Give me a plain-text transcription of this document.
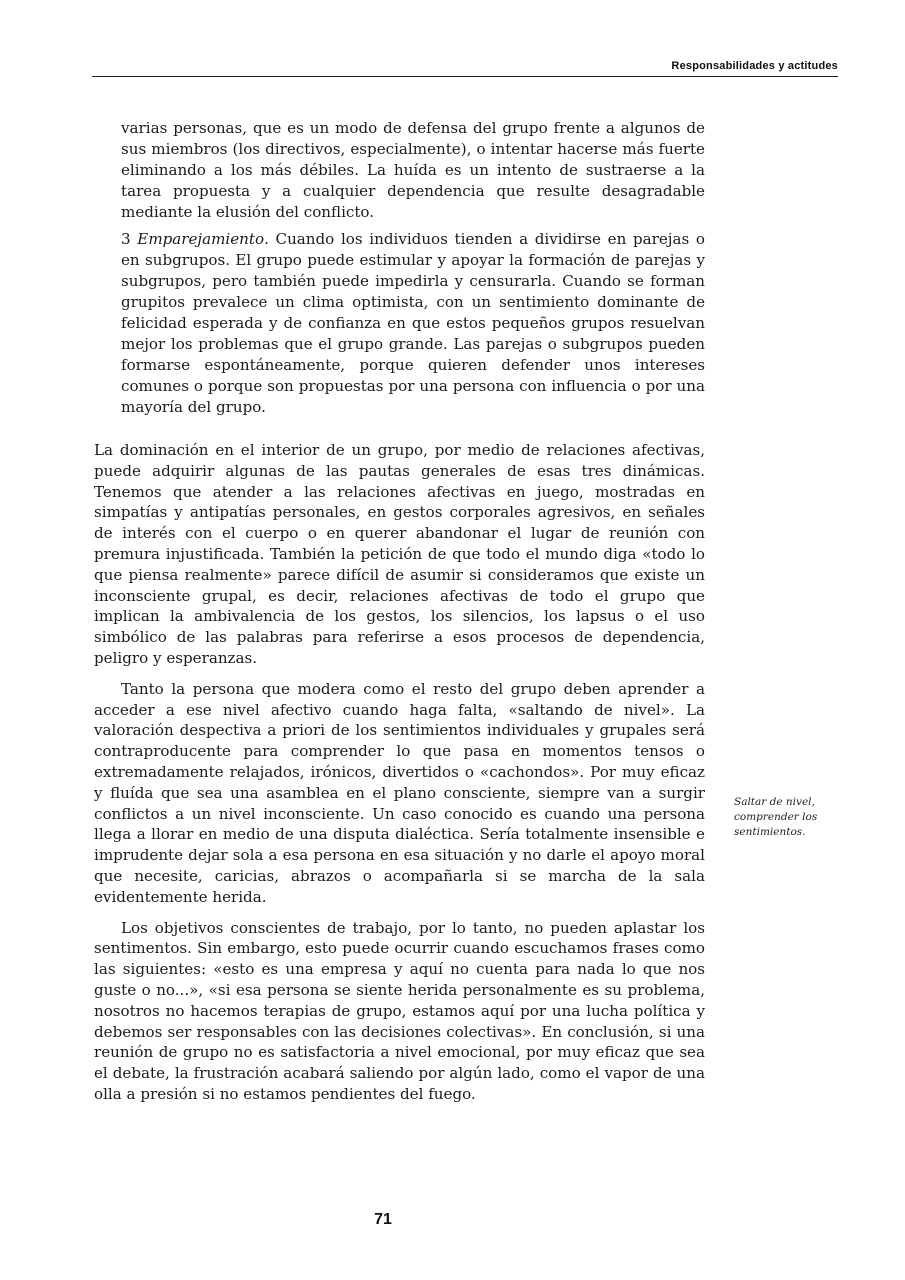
Responsabilidades y actitudes

varias personas, que es un modo de defensa del grupo frente a algunos de sus miembros (los directivos, especialmente), o intentar hacerse más fuerte eliminando a los más débiles. La huída es un intento de sustraerse a la tarea propuesta y a cualquier dependencia que resulte desagradable mediante la elusión del conflicto.

3 Emparejamiento. Cuando los individuos tienden a dividirse en parejas o en subgrupos. El grupo puede estimular y apoyar la formación de parejas y subgrupos, pero también puede impedirla y censurarla. Cuando se forman grupitos prevalece un clima optimista, con un sentimiento dominante de felicidad esperada y de confianza en que estos pequeños grupos resuelvan mejor los problemas que el grupo grande. Las parejas o subgrupos pueden formarse espontáneamente, porque quieren defender unos intereses comunes o porque son propuestas por una persona con influencia o por una mayoría del grupo.

La dominación en el interior de un grupo, por medio de relaciones afectivas, puede adquirir algunas de las pautas generales de esas tres dinámicas. Tenemos que atender a las relaciones afectivas en juego, mostradas en simpatías y antipatías personales, en gestos corporales agresivos, en señales de interés con el cuerpo o en querer abandonar el lugar de reunión con premura injustificada. También la petición de que todo el mundo diga «todo lo que piensa realmente» parece difícil de asumir si consideramos que existe un inconsciente grupal, es decir, relaciones afectivas de todo el grupo que implican la ambivalencia de los gestos, los silencios, los lapsus o el uso simbólico de las palabras para referirse a esos procesos de dependencia, peligro y esperanzas.

Tanto la persona que modera como el resto del grupo deben aprender a acceder a ese nivel afectivo cuando haga falta, «saltando de nivel». La valoración despectiva a priori de los sentimientos individuales y grupales será contraproducente para comprender lo que pasa en momentos tensos o extremadamente relajados, irónicos, divertidos o «cachondos». Por muy eficaz y fluída que sea una asamblea en el plano consciente, siempre van a surgir conflictos a un nivel inconsciente. Un caso conocido es cuando una persona llega a llorar en medio de una disputa dialéctica. Sería totalmente insensible e imprudente dejar sola a esa persona en esa situación y no darle el apoyo moral que necesite, caricias, abrazos o acompañarla si se marcha de la sala evidentemente herida.

Los objetivos conscientes de trabajo, por lo tanto, no pueden aplastar los sentimentos. Sin embargo, esto puede ocurrir cuando escuchamos frases como las siguientes: «esto es una empresa y aquí no cuenta para nada lo que nos guste o no...», «si esa persona se siente herida personalmente es su problema, nosotros no hacemos terapias de grupo, estamos aquí por una lucha política y debemos ser responsables con las decisiones colectivas». En conclusión, si una reunión de grupo no es satisfactoria a nivel emocional, por muy eficaz que sea el debate, la frustración acabará saliendo por algún lado, como el vapor de una olla a presión si no estamos pendientes del fuego.

Saltar de nivel, comprender los sentimientos.
71
